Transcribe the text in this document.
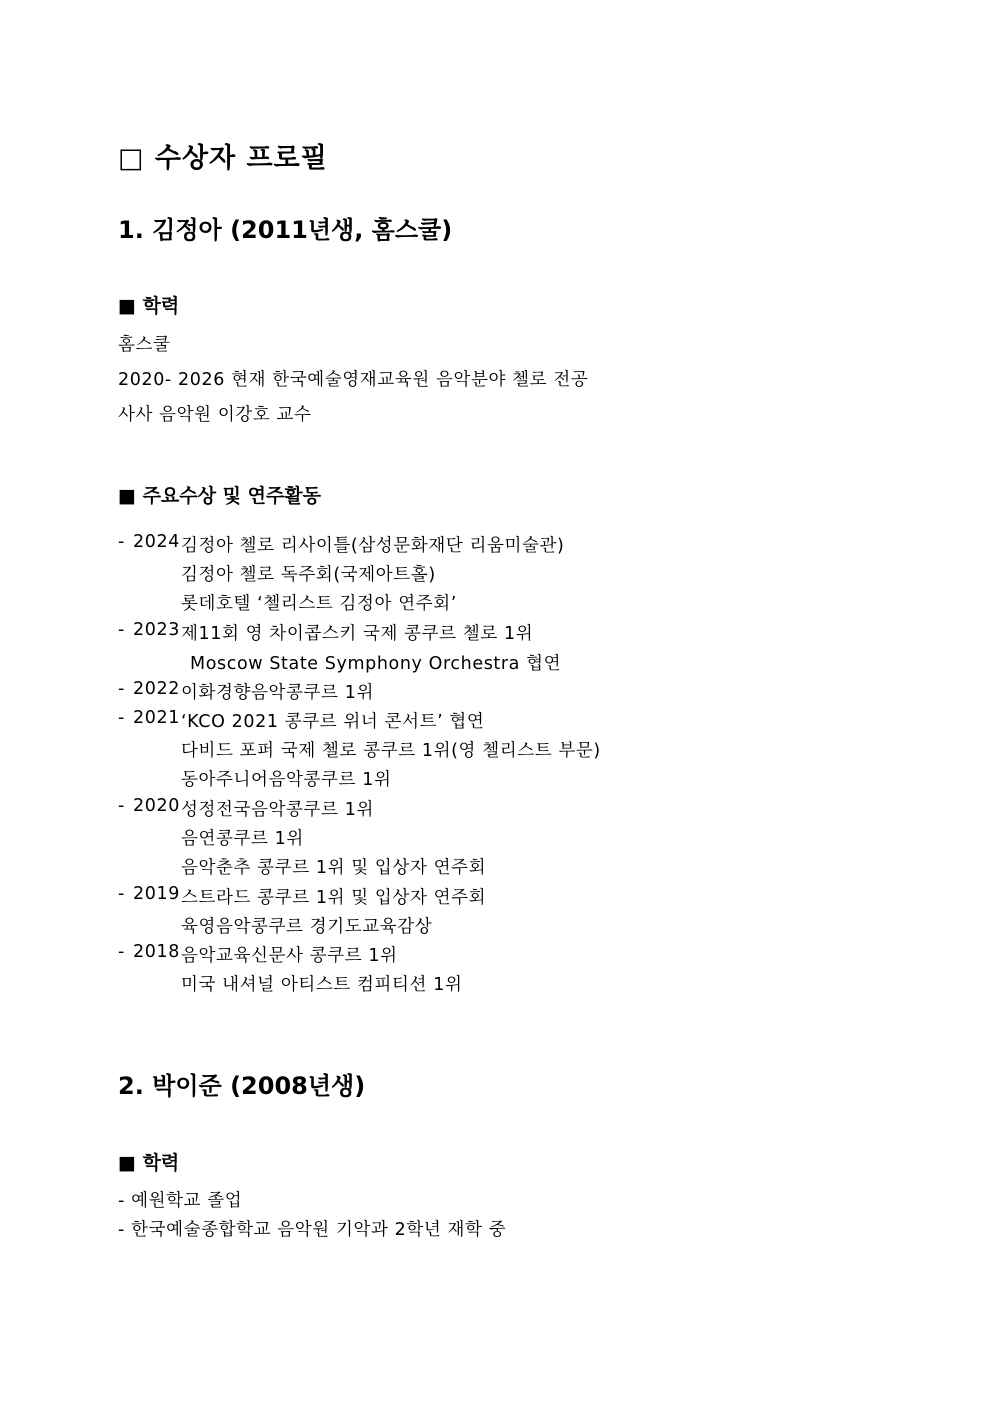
□ 수상자 프로필
1. 김정아 (2011년생, 홈스쿨)
■ 학력
홈스쿨
2020- 2026 현재 한국예술영재교육원 음악분야 첼로 전공
사사 음악원 이강호 교수
■ 주요수상 및 연주활동
- 2024 김정아 첼로 리사이틀(삼성문화재단 리움미술관)
김정아 첼로 독주회(국제아트홀)
롯데호텔 ‘첼리스트 김정아 연주회’
- 2023 제11회 영 차이콥스키 국제 콩쿠르 첼로 1위
Moscow State Symphony Orchestra 협연
- 2022 이화경향음악콩쿠르 1위
- 2021 ‘KCO 2021 콩쿠르 위너 콘서트’ 협연
다비드 포퍼 국제 첼로 콩쿠르 1위(영 첼리스트 부문)
동아주니어음악콩쿠르 1위
- 2020 성정전국음악콩쿠르 1위
음연콩쿠르 1위
음악춘추 콩쿠르 1위 및 입상자 연주회
- 2019 스트라드 콩쿠르 1위 및 입상자 연주회
육영음악콩쿠르 경기도교육감상
- 2018 음악교육신문사 콩쿠르 1위
미국 내셔널 아티스트 컴피티션 1위
2. 박이준 (2008년생)
■ 학력
- 예원학교 졸업
- 한국예술종합학교 음악원 기악과 2학년 재학 중
